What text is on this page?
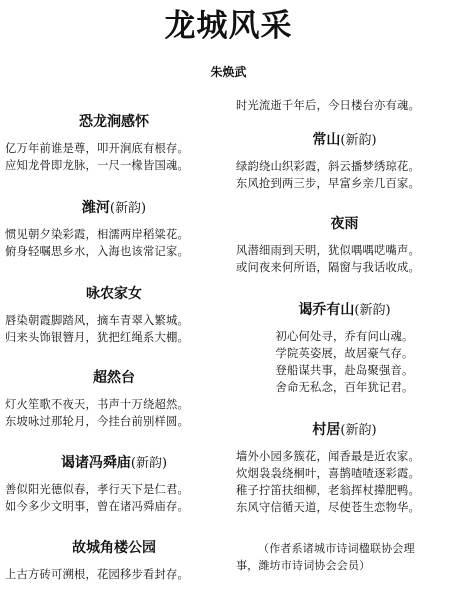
龙城风采
朱焕武
恐龙涧感怀
亿万年前谁是尊，叩开涧底有根存。
应知龙骨即龙脉，一尺一椽皆国魂。
潍河(新韵)
惯见朝夕染彩霞，相濡两岸稻粱花。
俯身轻嘱思乡水，入海也该常记家。
咏农家女
唇染朝霞脚踏风，摘车青翠入繁城。
归来头饰银簪月，犹把红绳系大棚。
超然台
灯火笙歌不夜天，书声十万绕超然。
东坡咏过那轮月，今挂台前别样圆。
谒诸冯舜庙(新韵)
善似阳光德似春，孝行天下是仁君。
如今多少文明事，曾在诸冯舜庙存。
故城角楼公园
上古方砖可溯根，花园移步看封存。
时光流逝千年后，今日楼台亦有魂。
常山(新韵)
绿韵绕山织彩霞，斜云播梦绣琼花。
东风抢到两三步，早富乡亲几百家。
夜雨
风潜细雨到天明，犹似喁喁呓嘴声。
或问夜来何所语，隔窗与我话收成。
谒乔有山(新韵)
初心何处寻，乔有问山魂。
学院英姿展，故居豪气存。
登船谋共事，赴岛聚强音。
舍命无私念，百年犹记君。
村居(新韵)
墙外小园多簇花，闻香最是近农家。
炊烟袅袅绕桐叶，喜鹊喳喳逐彩霞。
稚子拧笛扶细柳，老翁挥杖撵肥鸭。
东风守信循天道，尽使苍生恋物华。
（作者系诸城市诗词楹联协会理
事，潍坊市诗词协会会员）
